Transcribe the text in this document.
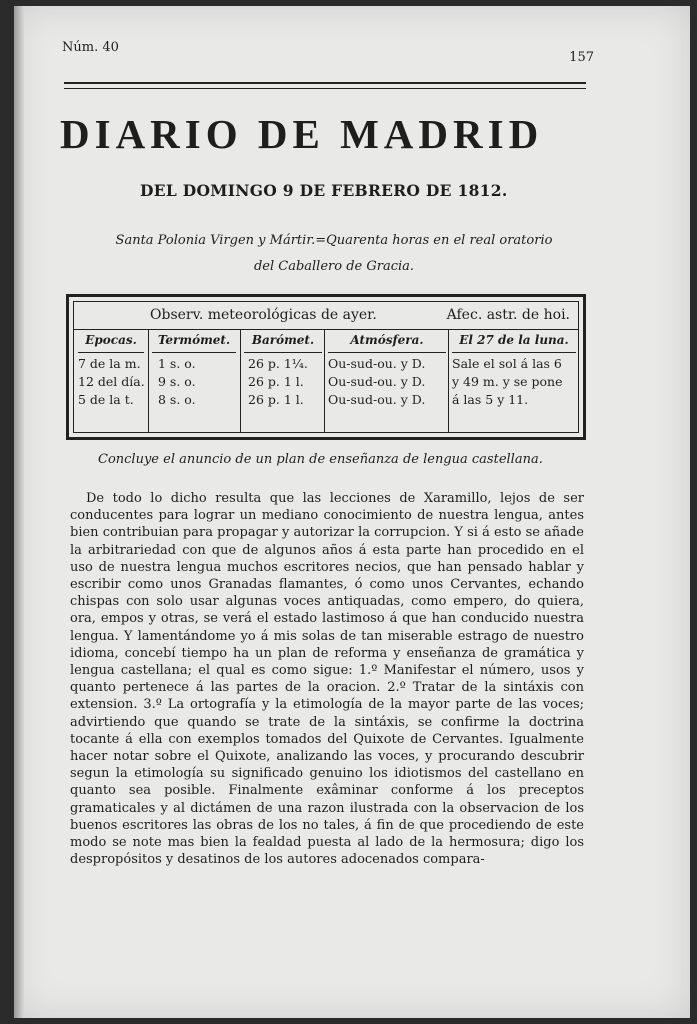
Núm. 40
157
DIARIO DE MADRID
DEL DOMINGO 9 DE FEBRERO DE 1812.
Santa Polonia Virgen y Mártir.=Quarenta horas en el real oratorio
del Caballero de Gracia.
Observ. meteorológicas de ayer.	Afec. astr. de hoi.
Epocas.
7 de la m.
12 del día.
5 de la t.
Termómet.
1 s. o.
9 s. o.
8 s. o.
Barómet.
26 p. 1¼.
26 p. 1 l.
26 p. 1 l.
Atmósfera.
Ou-sud-ou. y D.
Ou-sud-ou. y D.
Ou-sud-ou. y D.
El 27 de la luna.
Sale el sol á las 6
y 49 m. y se pone
á las 5 y 11.
Concluye el anuncio de un plan de enseñanza de lengua castellana.

De todo lo dicho resulta que las lecciones de Xaramillo, lejos de ser conducentes para lograr un mediano conocimiento de nuestra lengua, antes bien contribuian para propagar y autorizar la corrupcion. Y si á esto se añade la arbitrariedad con que de algunos años á esta parte han procedido en el uso de nuestra lengua muchos escritores necios, que han pensado hablar y escribir como unos Granadas flamantes, ó como unos Cervantes, echando chispas con solo usar algunas voces antiquadas, como empero, do quiera, ora, empos y otras, se verá el estado lastimoso á que han conducido nuestra lengua. Y lamentándome yo á mis solas de tan miserable estrago de nuestro idioma, concebí tiempo ha un plan de reforma y enseñanza de gramática y lengua castellana; el qual es como sigue: 1.º Manifestar el número, usos y quanto pertenece á las partes de la oracion. 2.º Tratar de la sintáxis con extension. 3.º La ortografía y la etimología de la mayor parte de las voces; advirtiendo que quando se trate de la sintáxis, se confirme la doctrina tocante á ella con exemplos tomados del Quixote de Cervantes. Igualmente hacer notar sobre el Quixote, analizando las voces, y procurando descubrir segun la etimología su significado genuino los idiotismos del castellano en quanto sea posible. Finalmente exâminar conforme á los preceptos gramaticales y al dictámen de una razon ilustrada con la observacion de los buenos escritores las obras de los no tales, á fin de que procediendo de este modo se note mas bien la fealdad puesta al lado de la hermosura; digo los despropósitos y desatinos de los autores adocenados compara-
